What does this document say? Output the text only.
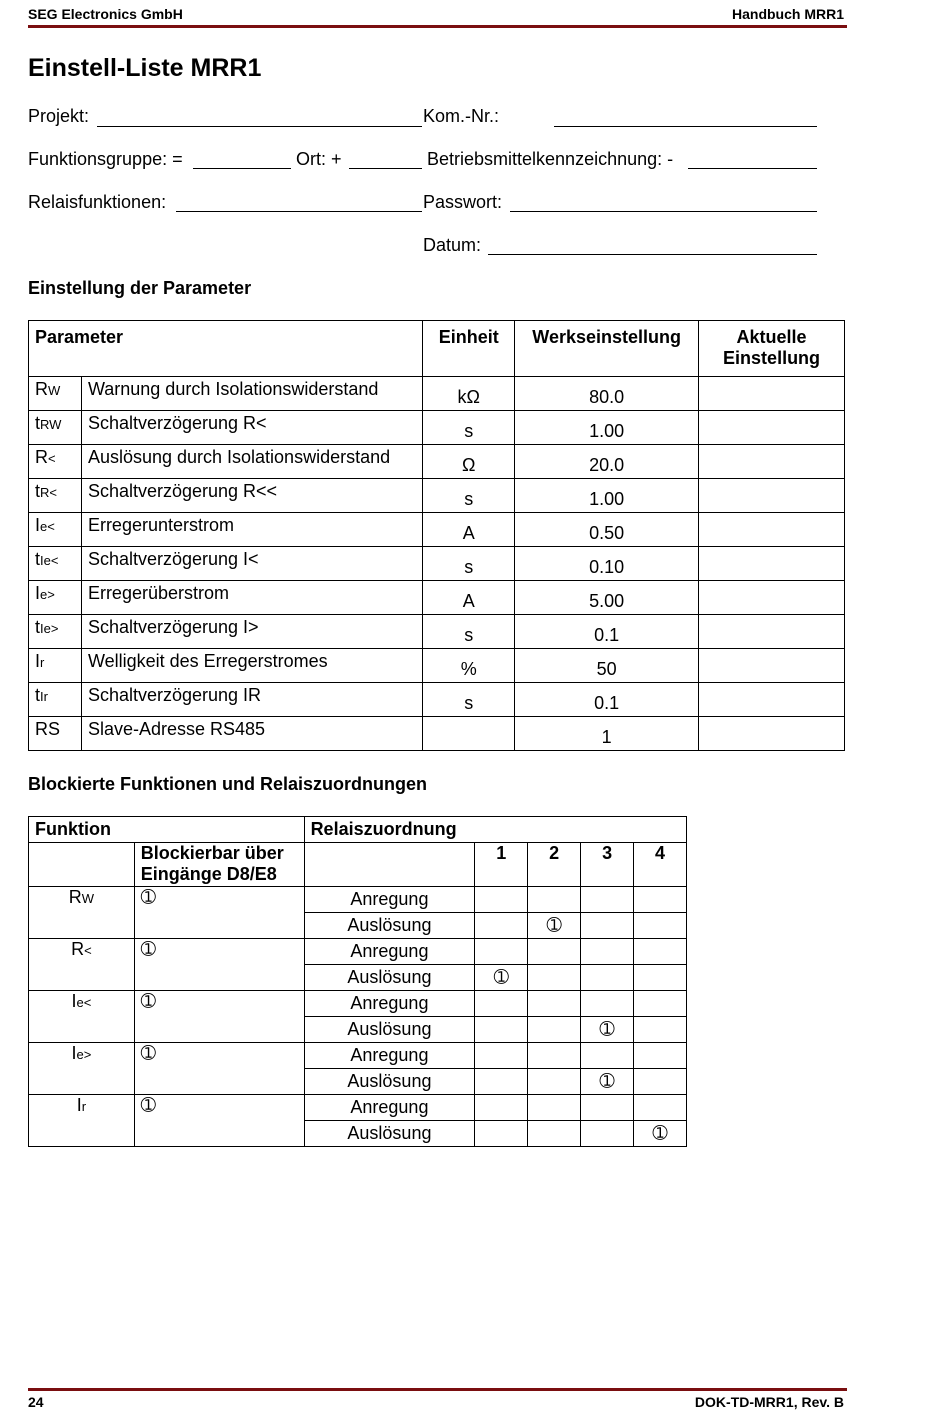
SEG Electronics GmbH	Handbuch MRR1
Einstell-Liste MRR1
Projekt:	Kom.-Nr.:
Funktionsgruppe: =	Ort: +	Betriebsmittelkennzeichnung: -
Relaisfunktionen:	Passwort:
Datum:
Einstellung der Parameter
Parameter		Einheit	Werkseinstellung	Aktuelle
Einstellung
RW	Warnung durch Isolationswiderstand	kΩ	80.0	
tRW	Schaltverzögerung R<	s	1.00	
R<	Auslösung durch Isolationswiderstand	Ω	20.0	
tR<	Schaltverzögerung R<<	s	1.00	
Ie<	Erregerunterstrom	A	0.50	
tIe<	Schaltverzögerung I<	s	0.10	
Ie>	Erregerüberstrom	A	5.00	
tIe>	Schaltverzögerung I>	s	0.1	
Ir	Welligkeit des Erregerstromes	%	50	
tIr	Schaltverzögerung IR	s	0.1	
RS	Slave-Adresse RS485		1	
Blockierte Funktionen und Relaiszuordnungen
Funktion		Relaiszuordnung				
	Blockierbar über
Eingänge D8/E8		1	2	3	4
RW	➀	Anregung				
		Auslösung		➀		
R<	➀	Anregung				
		Auslösung	➀			
Ie<	➀	Anregung				
		Auslösung			➀	
Ie>	➀	Anregung				
		Auslösung			➀	
Ir	➀	Anregung				
		Auslösung				➀
24	DOK-TD-MRR1, Rev. B
